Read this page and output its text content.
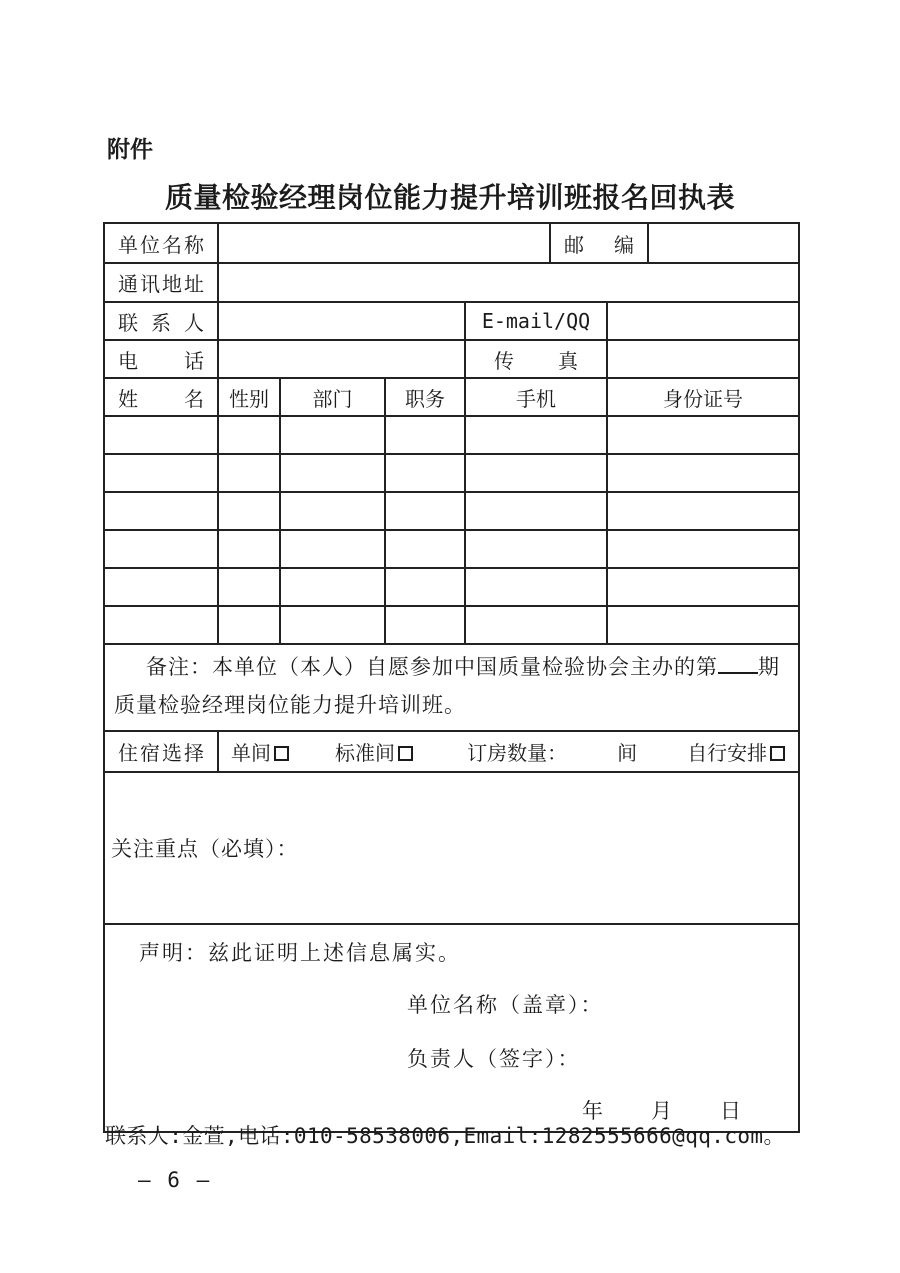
附件
质量检验经理岗位能力提升培训班报名回执表
单位名称					邮编		
通讯地址							
联系人				E-mail/QQ			
电话				传真			
姓名	性别	部门	职务	手机		身份证号	

备注：本单位（本人）自愿参加中国质量检验协会主办的第 期
质量检验经理岗位能力提升培训班。							

住宿选择	单间 标准间 订房数量： 间 自行安排						
关注重点（必填）：							

声明：兹此证明上述信息属实。
单位名称（盖章）：
负责人（签字）：
年　　月　　日							
联系人:金萱,电话:010-58538006,Email:1282555666@qq.com。
— 6 —
